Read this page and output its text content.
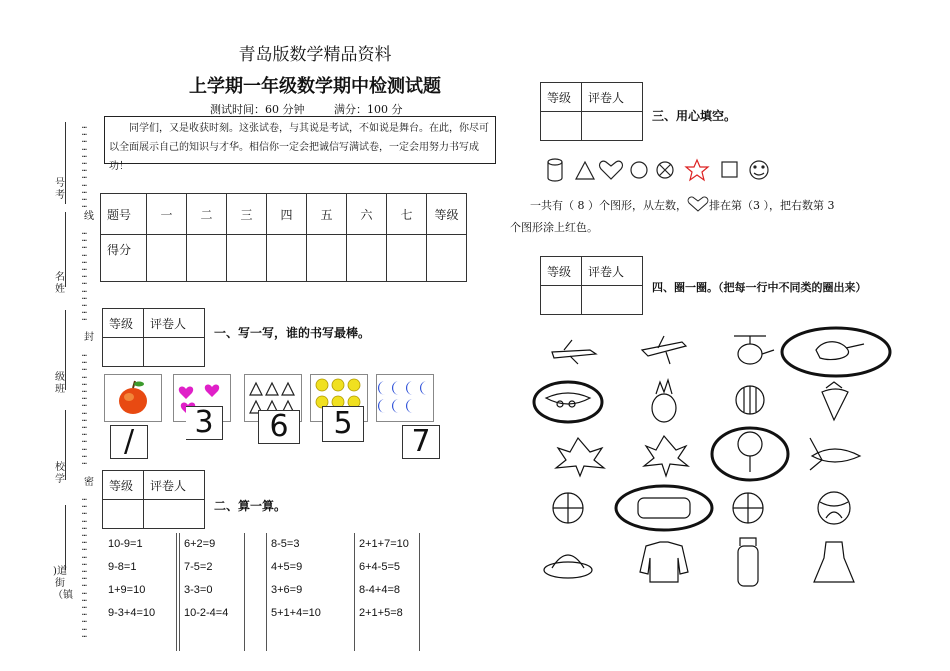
青岛版数学精品资料
上学期一年级数学期中检测试题
测试时间：60 分钟	满分：100 分
同学们，又是收获时刻。这张试卷，与其说是考试，不如说是舞台。在此，你尽可以全面展示自己的知识与才华。相信你一定会把诚信写满试卷，一定会用努力书写成功！
号考
名姓
级班
校学
)道街（镇
…
…
…
…
…
…
…
…
…
…
…
…
线
…
…
…
…
…
…
…
…
…
…
…
…
…
封
…
…
…
…
…
…
…
…
…
…
…
…
…
…
…
…
密
…
…
…
…
…
…
…
…
…
…
…
…
…
…
…
…
…
…
…
…
题号	一	二	三	四	五	六	七	等级
得分								
等级	评卷人

一、写一写，谁的书写最棒。
/
3	6	5
7
等级	评卷人

二、算一算。
10-9=1
9-8=1
1+9=10
9-3+4=10
6+2=9
7-5=2
3-3=0
10-2-4=4
8-5=3
4+5=9
3+6=9
5+1+4=10
2+1+7=10
6+4-5=5
8-4+4=8
2+1+5=8
等级	评卷人

三、用心填空。
一共有（ 8 ）个图形，从左数， 排在第（3 ），把右数第 3
个图形涂上红色。
等级	评卷人

四、圈一圈。（把每一行中不同类的圈出来）
